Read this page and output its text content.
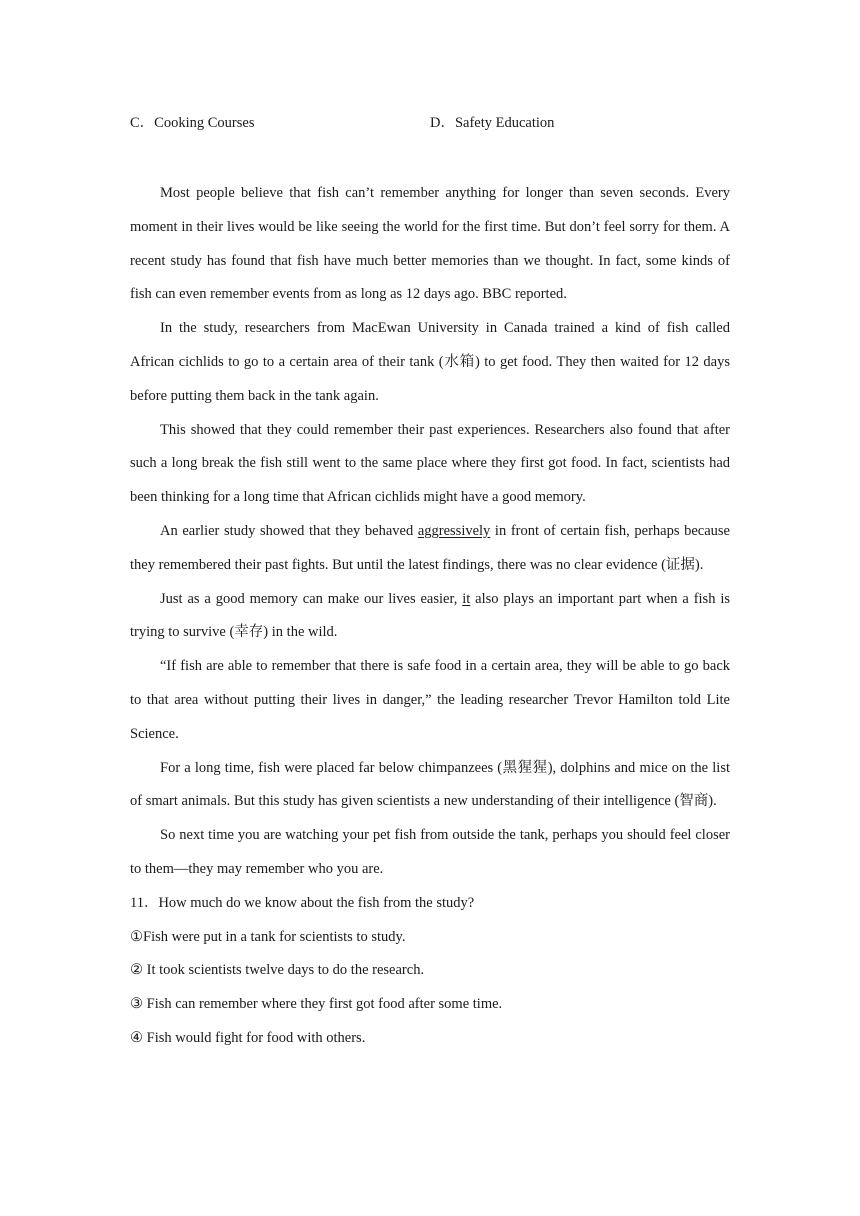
C．Cooking Courses	D．Safety Education

Most people believe that fish can’t remember anything for longer than seven seconds. Every moment in their lives would be like seeing the world for the first time. But don’t feel sorry for them. A recent study has found that fish have much better memories than we thought. In fact, some kinds of fish can even remember events from as long as 12 days ago. BBC reported.

In the study, researchers from MacEwan University in Canada trained a kind of fish called African cichlids to go to a certain area of their tank (水箱) to get food. They then waited for 12 days before putting them back in the tank again.

This showed that they could remember their past experiences. Researchers also found that after such a long break the fish still went to the same place where they first got food. In fact, scientists had been thinking for a long time that African cichlids might have a good memory.

An earlier study showed that they behaved aggressively in front of certain fish, perhaps because they remembered their past fights. But until the latest findings, there was no clear evidence (证据).

Just as a good memory can make our lives easier, it also plays an important part when a fish is trying to survive (幸存) in the wild.

“If fish are able to remember that there is safe food in a certain area, they will be able to go back to that area without putting their lives in danger,” the leading researcher Trevor Hamilton told Lite Science.

For a long time, fish were placed far below chimpanzees (黑猩猩), dolphins and mice on the list of smart animals. But this study has given scientists a new understanding of their intelligence (智商).

So next time you are watching your pet fish from outside the tank, perhaps you should feel closer to them—they may remember who you are.

11．How much do we know about the fish from the study?

①Fish were put in a tank for scientists to study.

② It took scientists twelve days to do the research.

③ Fish can remember where they first got food after some time.

④ Fish would fight for food with others.
